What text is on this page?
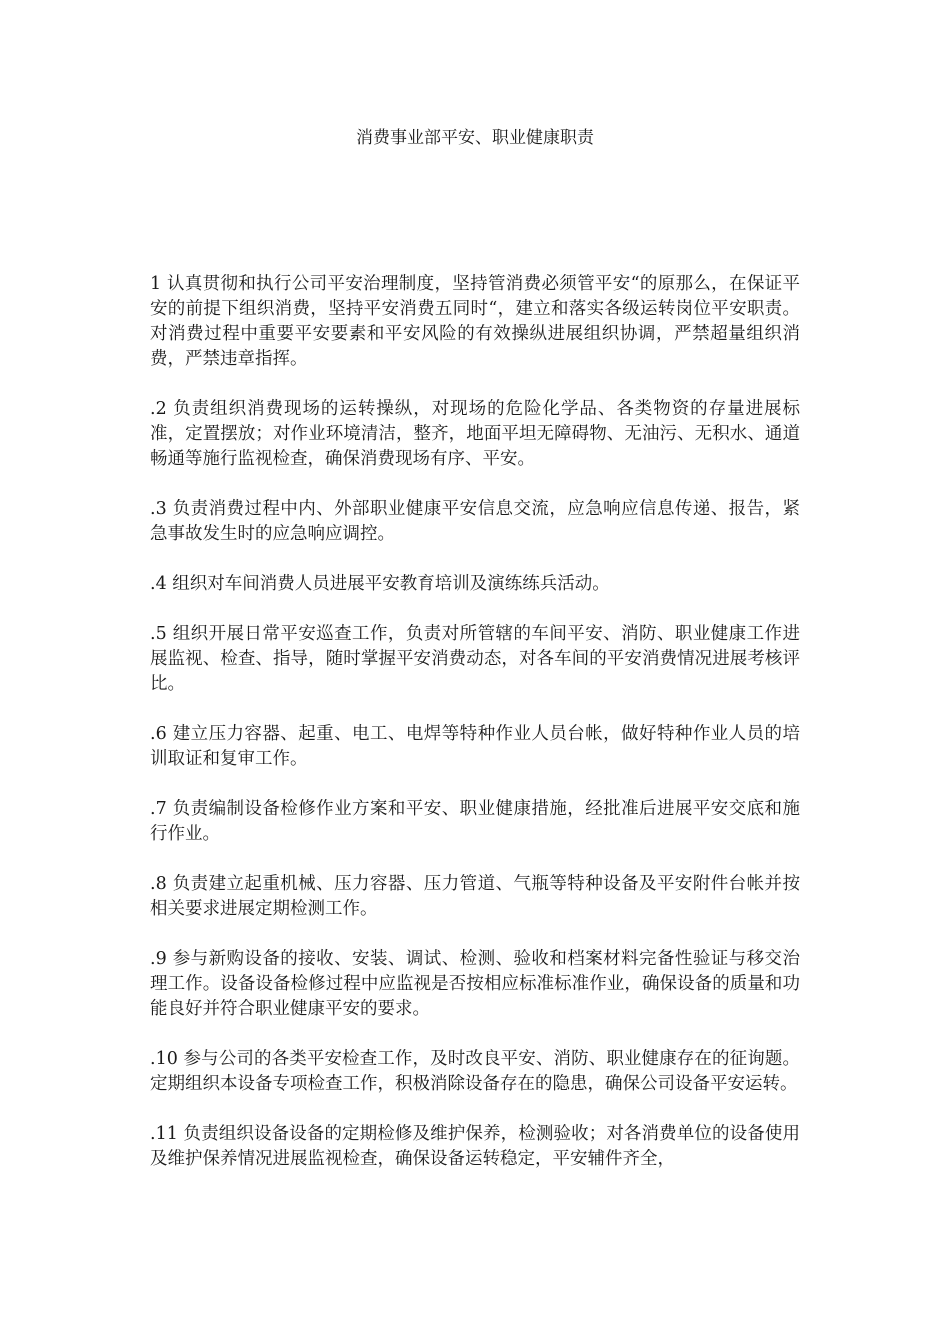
消费事业部平安、职业健康职责

1 认真贯彻和执行公司平安治理制度，坚持管消费必须管平安“的原那么，在保证平安的前提下组织消费，坚持平安消费五同时“，建立和落实各级运转岗位平安职责。对消费过程中重要平安要素和平安风险的有效操纵进展组织协调，严禁超量组织消费，严禁违章指挥。

.2 负责组织消费现场的运转操纵，对现场的危险化学品、各类物资的存量进展标准，定置摆放；对作业环境清洁，整齐，地面平坦无障碍物、无油污、无积水、通道畅通等施行监视检查，确保消费现场有序、平安。

.3 负责消费过程中内、外部职业健康平安信息交流，应急响应信息传递、报告，紧急事故发生时的应急响应调控。

.4 组织对车间消费人员进展平安教育培训及演练练兵活动。

.5 组织开展日常平安巡查工作，负责对所管辖的车间平安、消防、职业健康工作进展监视、检查、指导，随时掌握平安消费动态，对各车间的平安消费情况进展考核评比。

.6 建立压力容器、起重、电工、电焊等特种作业人员台帐，做好特种作业人员的培训取证和复审工作。

.7 负责编制设备检修作业方案和平安、职业健康措施，经批准后进展平安交底和施行作业。

.8 负责建立起重机械、压力容器、压力管道、气瓶等特种设备及平安附件台帐并按相关要求进展定期检测工作。

.9 参与新购设备的接收、安装、调试、检测、验收和档案材料完备性验证与移交治理工作。设备设备检修过程中应监视是否按相应标准标准作业，确保设备的质量和功能良好并符合职业健康平安的要求。

.10 参与公司的各类平安检查工作，及时改良平安、消防、职业健康存在的征询题。定期组织本设备专项检查工作，积极消除设备存在的隐患，确保公司设备平安运转。

.11 负责组织设备设备的定期检修及维护保养，检测验收；对各消费单位的设备使用及维护保养情况进展监视检查，确保设备运转稳定，平安辅件齐全，
